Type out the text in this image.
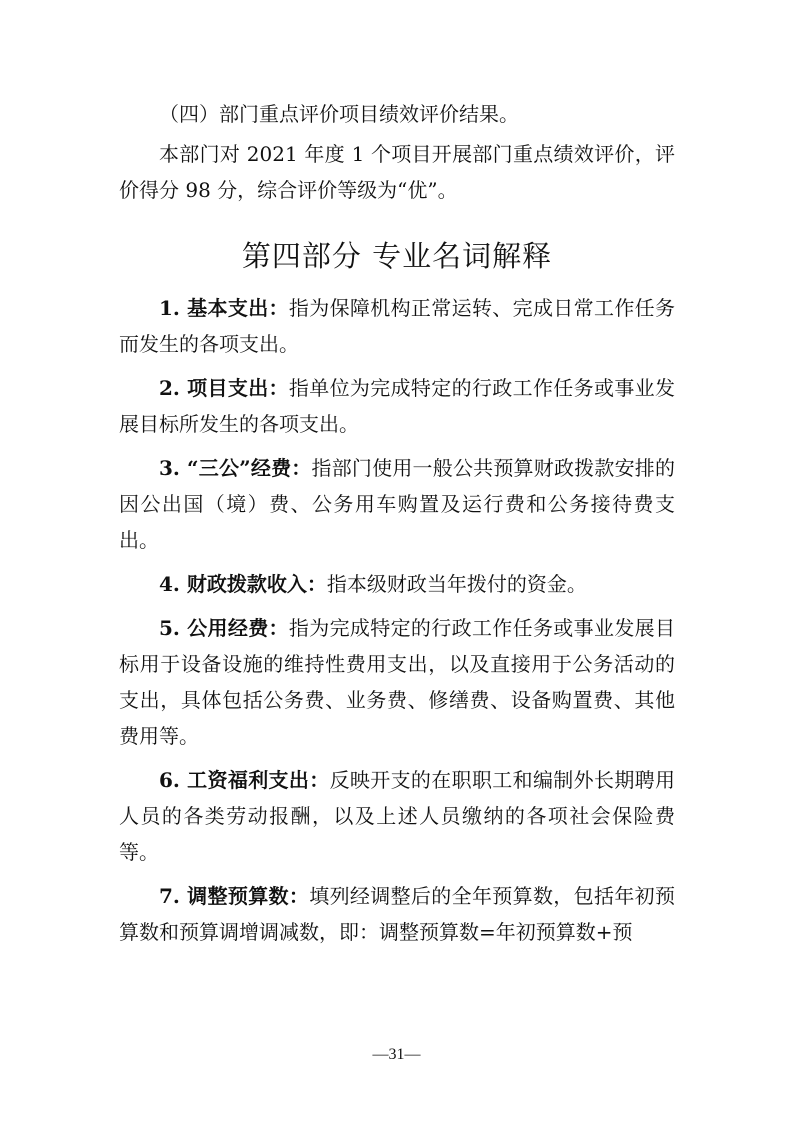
（四）部门重点评价项目绩效评价结果。

本部门对 2021 年度 1 个项目开展部门重点绩效评价，评价得分 98 分，综合评价等级为“优”。

第四部分 专业名词解释

1. 基本支出：指为保障机构正常运转、完成日常工作任务而发生的各项支出。

2. 项目支出：指单位为完成特定的行政工作任务或事业发展目标所发生的各项支出。

3. “三公”经费：指部门使用一般公共预算财政拨款安排的因公出国（境）费、公务用车购置及运行费和公务接待费支出。

4. 财政拨款收入：指本级财政当年拨付的资金。

5. 公用经费：指为完成特定的行政工作任务或事业发展目标用于设备设施的维持性费用支出，以及直接用于公务活动的支出，具体包括公务费、业务费、修缮费、设备购置费、其他费用等。

6. 工资福利支出：反映开支的在职职工和编制外长期聘用人员的各类劳动报酬，以及上述人员缴纳的各项社会保险费等。

7. 调整预算数：填列经调整后的全年预算数，包括年初预算数和预算调增调减数，即：调整预算数=年初预算数+预

—31—
